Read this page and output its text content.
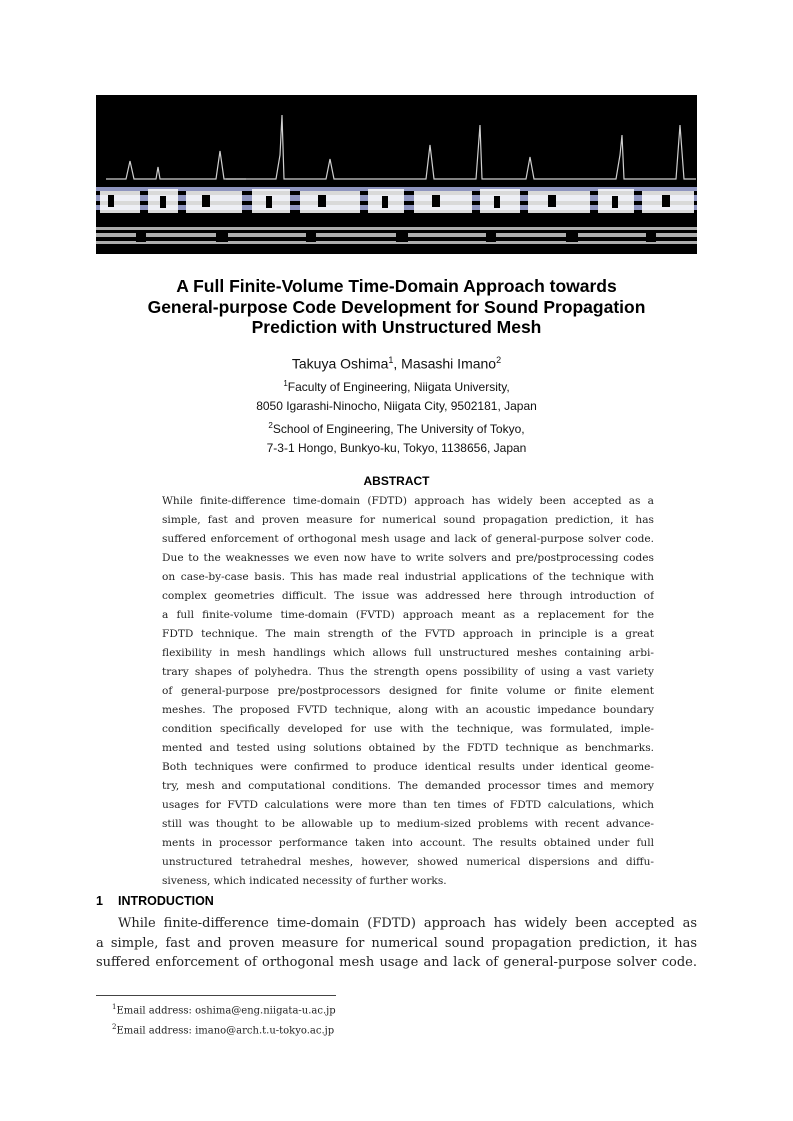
A Full Finite-Volume Time-Domain Approach towards
General-purpose Code Development for Sound Propagation
Prediction with Unstructured Mesh
Takuya Oshima$^1$, Masashi Imano$^2$
$^1$Faculty of Engineering, Niigata University,
8050 Igarashi-Ninocho, Niigata City, 9502181, Japan
$^2$School of Engineering, The University of Tokyo,
7-3-1 Hongo, Bunkyo-ku, Tokyo, 1138656, Japan
ABSTRACT
While finite-difference time-domain (FDTD) approach has widely been accepted as a
simple, fast and proven measure for numerical sound propagation prediction, it has
suffered enforcement of orthogonal mesh usage and lack of general-purpose solver code.
Due to the weaknesses we even now have to write solvers and pre/postprocessing codes
on case-by-case basis. This has made real industrial applications of the technique with
complex geometries difficult. The issue was addressed here through introduction of
a full finite-volume time-domain (FVTD) approach meant as a replacement for the
FDTD technique. The main strength of the FVTD approach in principle is a great
flexibility in mesh handlings which allows full unstructured meshes containing arbi-
trary shapes of polyhedra. Thus the strength opens possibility of using a vast variety
of general-purpose pre/postprocessors designed for finite volume or finite element
meshes. The proposed FVTD technique, along with an acoustic impedance boundary
condition specifically developed for use with the technique, was formulated, imple-
mented and tested using solutions obtained by the FDTD technique as benchmarks.
Both techniques were confirmed to produce identical results under identical geome-
try, mesh and computational conditions. The demanded processor times and memory
usages for FVTD calculations were more than ten times of FDTD calculations, which
still was thought to be allowable up to medium-sized problems with recent advance-
ments in processor performance taken into account. The results obtained under full
unstructured tetrahedral meshes, however, showed numerical dispersions and diffu-
siveness, which indicated necessity of further works.
1 INTRODUCTION
While finite-difference time-domain (FDTD) approach has widely been accepted as
a simple, fast and proven measure for numerical sound propagation prediction, it has
suffered enforcement of orthogonal mesh usage and lack of general-purpose solver code.
$^1$Email address: oshima@eng.niigata-u.ac.jp
$^2$Email address: imano@arch.t.u-tokyo.ac.jp
